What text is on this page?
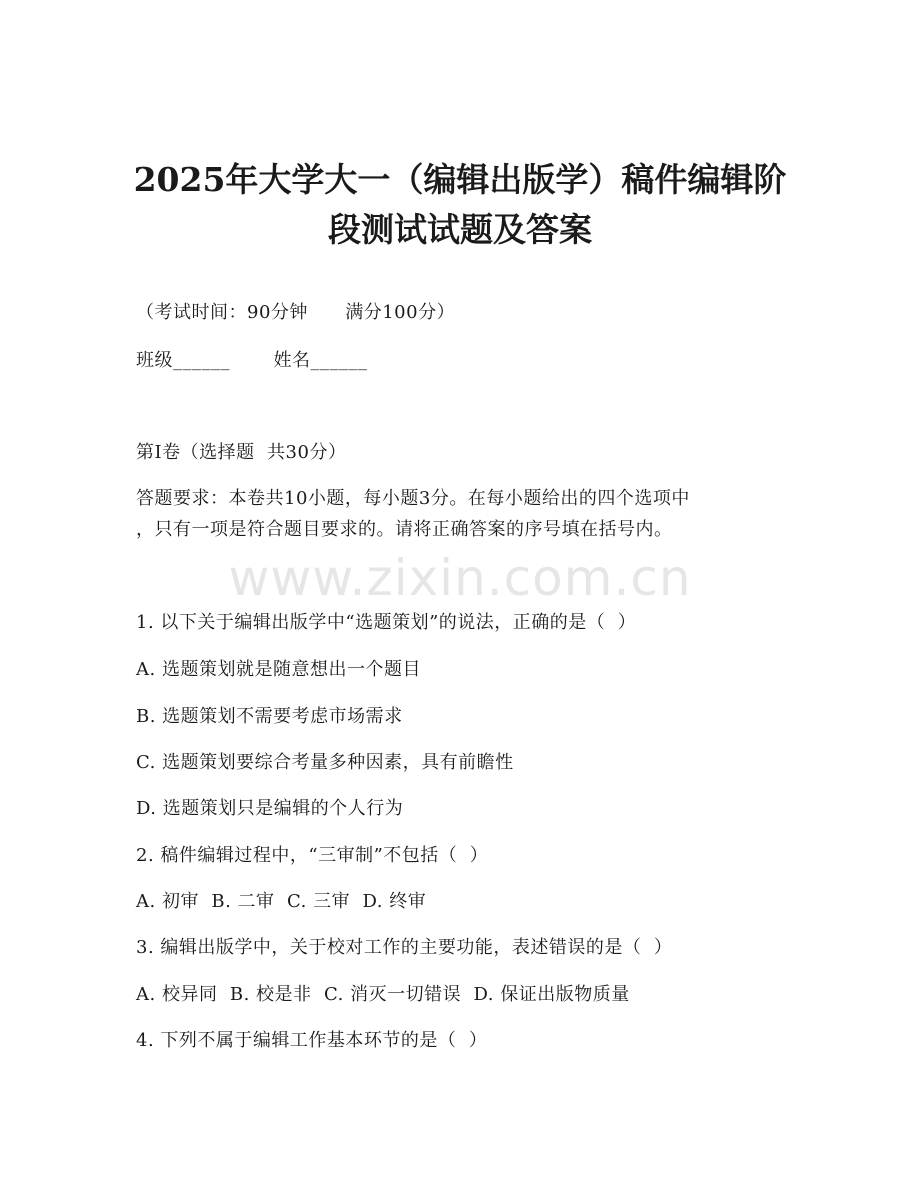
2025年大学大一（编辑出版学）稿件编辑阶
段测试试题及答案

（考试时间：90分钟      满分100分）

班级______       姓名______

第I卷（选择题  共30分）

答题要求：本卷共10小题，每小题3分。在每小题给出的四个选项中

，只有一项是符合题目要求的。请将正确答案的序号填在括号内。

www.zixin.com.cn

1. 以下关于编辑出版学中“选题策划”的说法，正确的是（  ）

A. 选题策划就是随意想出一个题目

B. 选题策划不需要考虑市场需求

C. 选题策划要综合考量多种因素，具有前瞻性

D. 选题策划只是编辑的个人行为

2. 稿件编辑过程中，“三审制”不包括（  ）

A. 初审  B. 二审  C. 三审  D. 终审

3. 编辑出版学中，关于校对工作的主要功能，表述错误的是（  ）

A. 校异同  B. 校是非  C. 消灭一切错误  D. 保证出版物质量

4. 下列不属于编辑工作基本环节的是（  ）
